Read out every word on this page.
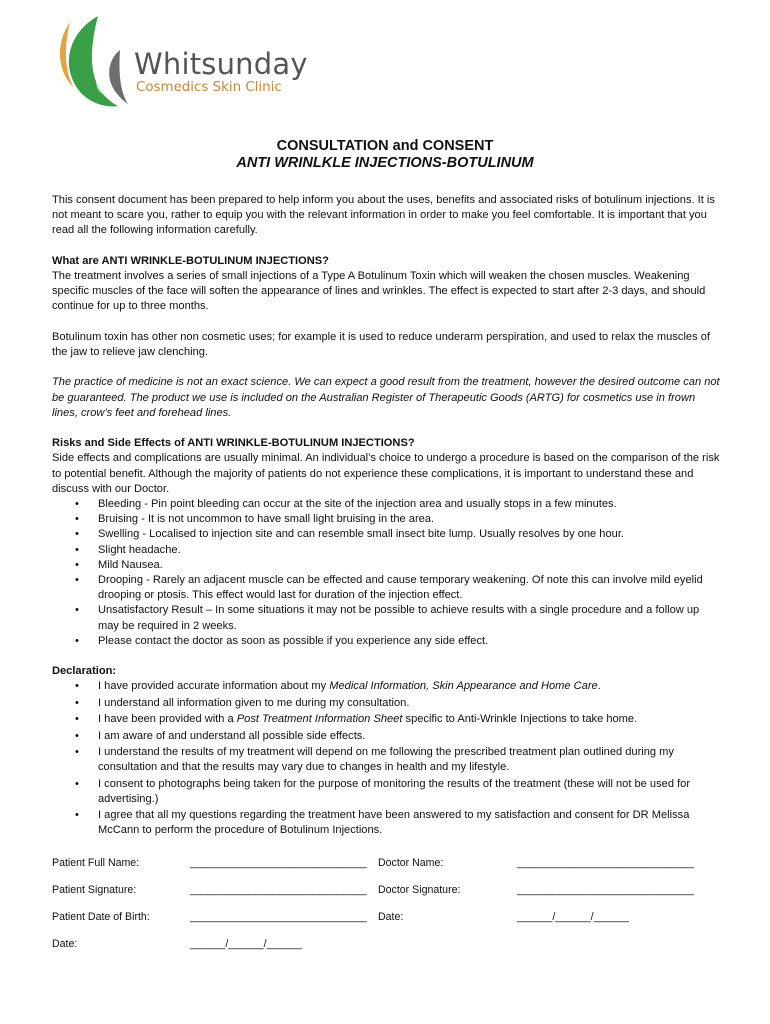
Whitsunday
Cosmedics Skin Clinic
CONSULTATION and CONSENT
ANTI WRINLKLE INJECTIONS-BOTULINUM

This consent document has been prepared to help inform you about the uses, benefits and associated risks of botulinum injections. It is not meant to scare you, rather to equip you with the relevant information in order to make you feel comfortable. It is important that you read all the following information carefully.

What are ANTI WRINKLE-BOTULINUM INJECTIONS?

The treatment involves a series of small injections of a Type A Botulinum Toxin which will weaken the chosen muscles. Weakening specific muscles of the face will soften the appearance of lines and wrinkles. The effect is expected to start after 2-3 days, and should continue for up to three months.

Botulinum toxin has other non cosmetic uses; for example it is used to reduce underarm perspiration, and used to relax the muscles of the jaw to relieve jaw clenching.

The practice of medicine is not an exact science. We can expect a good result from the treatment, however the desired outcome can not be guaranteed. The product we use is included on the Australian Register of Therapeutic Goods (ARTG) for cosmetics use in frown lines, crow’s feet and forehead lines.

Risks and Side Effects of ANTI WRINKLE-BOTULINUM INJECTIONS?
Side effects and complications are usually minimal. An individual’s choice to undergo a procedure is based on the comparison of the risk to potential benefit. Although the majority of patients do not experience these complications, it is important to understand these and discuss with our Doctor.
• Bleeding - Pin point bleeding can occur at the site of the injection area and usually stops in a few minutes.
• Bruising - It is not uncommon to have small light bruising in the area.
• Swelling - Localised to injection site and can resemble small insect bite lump. Usually resolves by one hour.
• Slight headache.
• Mild Nausea.
• Drooping - Rarely an adjacent muscle can be effected and cause temporary weakening. Of note this can involve mild eyelid drooping or ptosis. This effect would last for duration of the injection effect.
• Unsatisfactory Result – In some situations it may not be possible to achieve results with a single procedure and a follow up may be required in 2 weeks.
• Please contact the doctor as soon as possible if you experience any side effect.
Declaration:
• I have provided accurate information about my Medical Information, Skin Appearance and Home Care.
• I understand all information given to me during my consultation.
• I have been provided with a Post Treatment Information Sheet specific to Anti-Wrinkle Injections to take home.
• I am aware of and understand all possible side effects.
• I understand the results of my treatment will depend on me following the prescribed treatment plan outlined during my consultation and that the results may vary due to changes in health and my lifestyle.
• I consent to photographs being taken for the purpose of monitoring the results of the treatment (these will not be used for advertising.)
• I agree that all my questions regarding the treatment have been answered to my satisfaction and consent for DR Melissa McCann to perform the procedure of Botulinum Injections.
Patient Full Name:	______________________________ Doctor Name:	______________________________
Patient Signature:	______________________________ Doctor Signature:	______________________________
Patient Date of Birth:	______________________________ Date:	______/______/______
Date:	______/______/______
